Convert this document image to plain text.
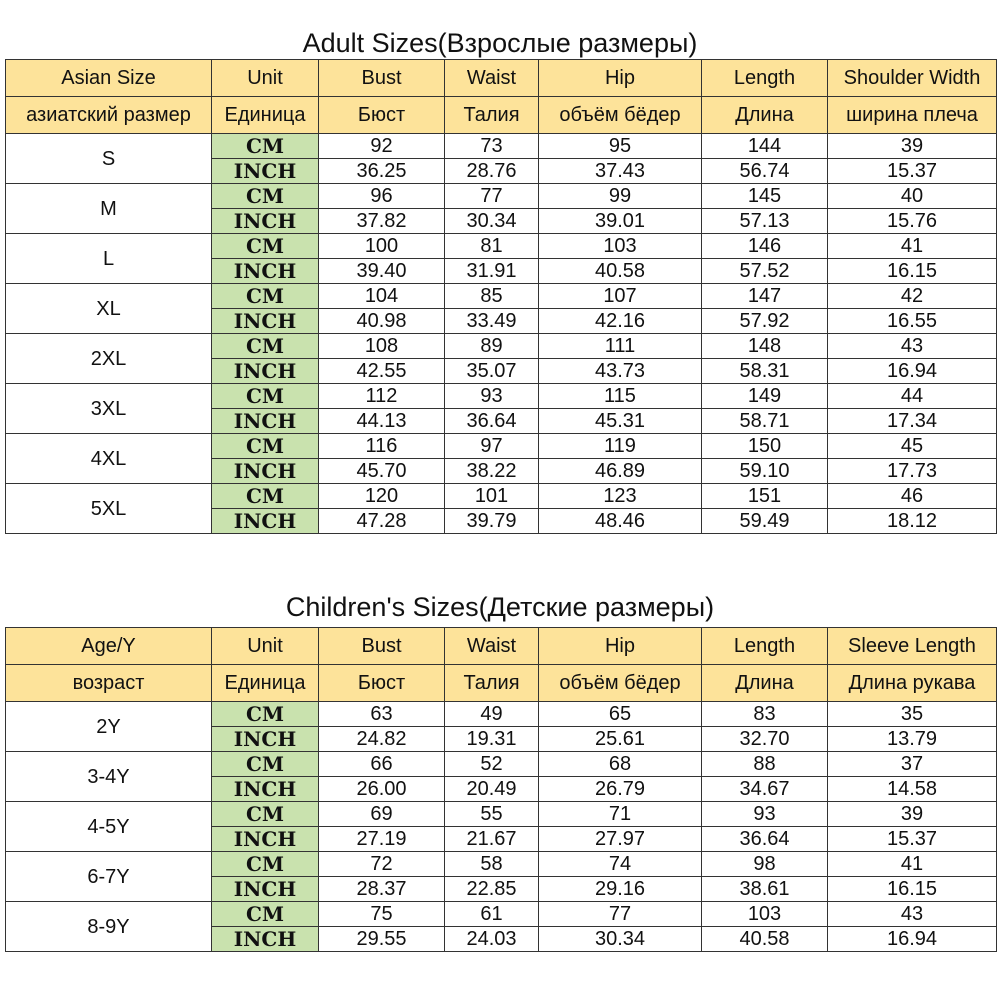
Adult Sizes(Взрослые размеры)
Asian Size	Unit	Bust	Waist	Hip	Length	Shoulder Width
азиатский размер	Единица	Бюст	Талия	объём бёдер	Длина	ширина плеча
S	CM	92	73	95	144	39
	INCH	36.25	28.76	37.43	56.74	15.37
M	CM	96	77	99	145	40
	INCH	37.82	30.34	39.01	57.13	15.76
L	CM	100	81	103	146	41
	INCH	39.40	31.91	40.58	57.52	16.15
XL	CM	104	85	107	147	42
	INCH	40.98	33.49	42.16	57.92	16.55
2XL	CM	108	89	111	148	43
	INCH	42.55	35.07	43.73	58.31	16.94
3XL	CM	112	93	115	149	44
	INCH	44.13	36.64	45.31	58.71	17.34
4XL	CM	116	97	119	150	45
	INCH	45.70	38.22	46.89	59.10	17.73
5XL	CM	120	101	123	151	46
	INCH	47.28	39.79	48.46	59.49	18.12
Children's Sizes(Детские размеры)
Age/Y	Unit	Bust	Waist	Hip	Length	Sleeve Length
возраст	Единица	Бюст	Талия	объём бёдер	Длина	Длина рукава
2Y	CM	63	49	65	83	35
	INCH	24.82	19.31	25.61	32.70	13.79
3-4Y	CM	66	52	68	88	37
	INCH	26.00	20.49	26.79	34.67	14.58
4-5Y	CM	69	55	71	93	39
	INCH	27.19	21.67	27.97	36.64	15.37
6-7Y	CM	72	58	74	98	41
	INCH	28.37	22.85	29.16	38.61	16.15
8-9Y	CM	75	61	77	103	43
	INCH	29.55	24.03	30.34	40.58	16.94
